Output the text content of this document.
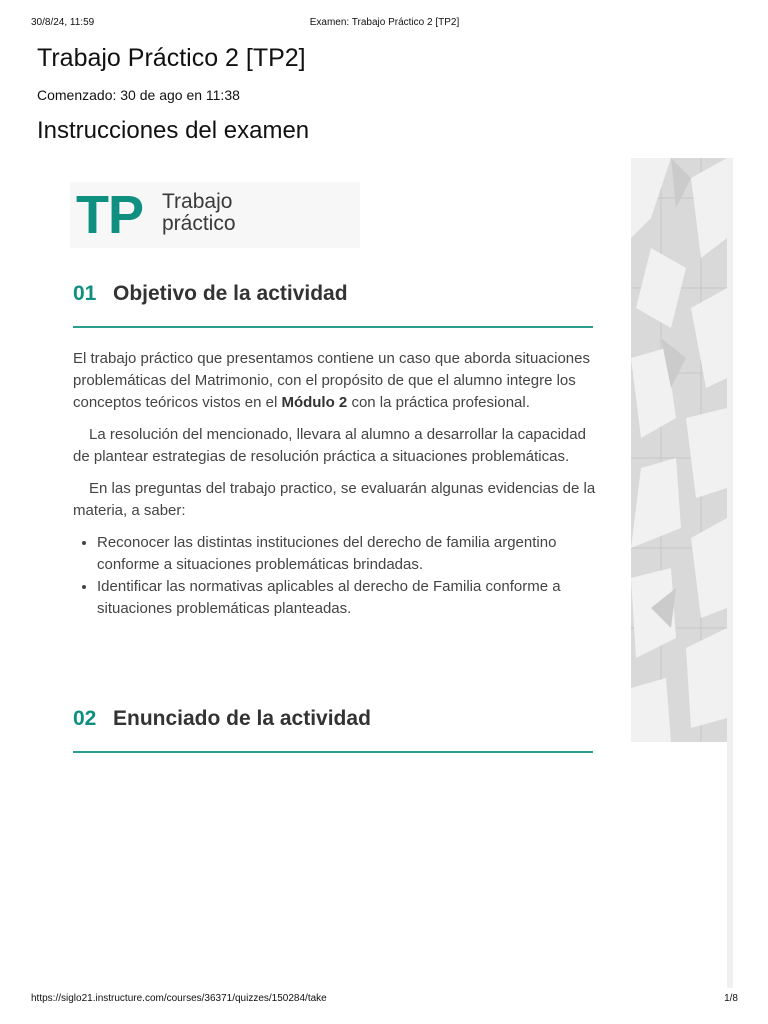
30/8/24, 11:59	Examen: Trabajo Práctico 2 [TP2]
Trabajo Práctico 2 [TP2]
Comenzado: 30 de ago en 11:38
Instrucciones del examen
TP Trabajo
práctico
01 Objetivo de la actividad

El trabajo práctico que presentamos contiene un caso que aborda situaciones problemáticas del Matrimonio, con el propósito de que el alumno integre los conceptos teóricos vistos en el Módulo 2 con la práctica profesional.

La resolución del mencionado, llevara al alumno a desarrollar la capacidad de plantear estrategias de resolución práctica a situaciones problemáticas.

En las preguntas del trabajo practico, se evaluarán algunas evidencias de la materia, a saber:

• Reconocer las distintas instituciones del derecho de familia argentino conforme a situaciones problemáticas brindadas.
• Identificar las normativas aplicables al derecho de Familia conforme a situaciones problemáticas planteadas.
02 Enunciado de la actividad
https://siglo21.instructure.com/courses/36371/quizzes/150284/take	1/8
